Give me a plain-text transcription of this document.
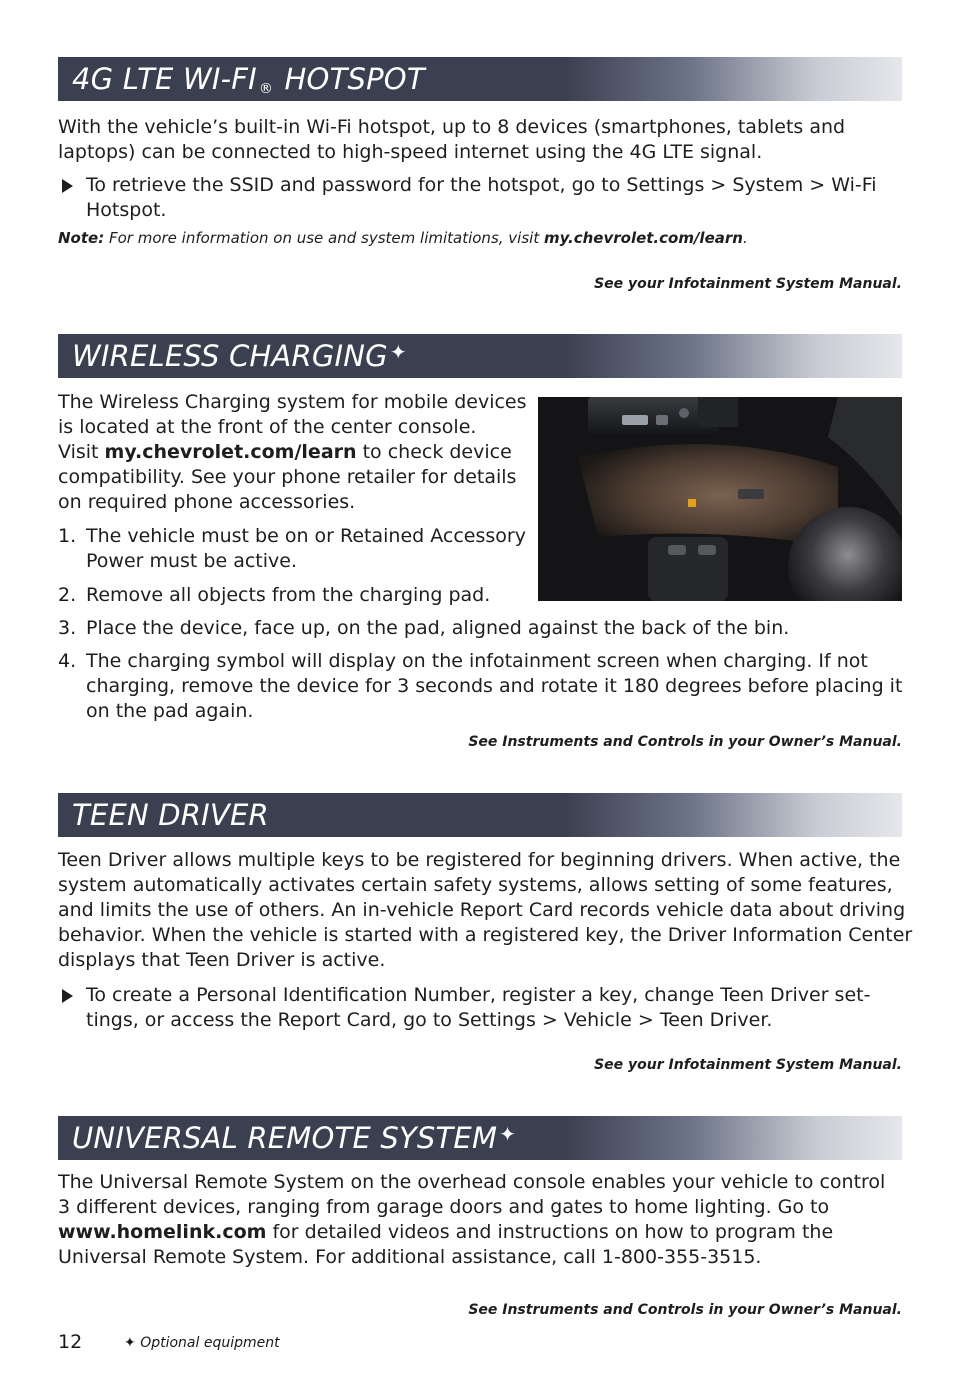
4G LTE WI-FI ® HOTSPOT
With the vehicle’s built-in Wi-Fi hotspot, up to 8 devices (smartphones, tablets and
laptops) can be connected to high-speed internet using the 4G LTE signal.
To retrieve the SSID and password for the hotspot, go to Settings > System > Wi-Fi
Hotspot.
Note: For more information on use and system limitations, visit my.chevrolet.com/learn.
See your Infotainment System Manual.
WIRELESS CHARGING ✦
The Wireless Charging system for mobile devices
is located at the front of the center console.
Visit my.chevrolet.com/learn to check device
compatibility. See your phone retailer for details
on required phone accessories.
1. The vehicle must be on or Retained Accessory
Power must be active.
2. Remove all objects from the charging pad.
3. Place the device, face up, on the pad, aligned against the back of the bin.
4. The charging symbol will display on the infotainment screen when charging. If not
charging, remove the device for 3 seconds and rotate it 180 degrees before placing it
on the pad again.
See Instruments and Controls in your Owner’s Manual.
TEEN DRIVER
Teen Driver allows multiple keys to be registered for beginning drivers. When active, the
system automatically activates certain safety systems, allows setting of some features,
and limits the use of others. An in-vehicle Report Card records vehicle data about driving
behavior. When the vehicle is started with a registered key, the Driver Information Center
displays that Teen Driver is active.
To create a Personal Identification Number, register a key, change Teen Driver set-
tings, or access the Report Card, go to Settings > Vehicle > Teen Driver.
See your Infotainment System Manual.
UNIVERSAL REMOTE SYSTEM ✦
The Universal Remote System on the overhead console enables your vehicle to control
3 different devices, ranging from garage doors and gates to home lighting. Go to
www.homelink.com for detailed videos and instructions on how to program the
Universal Remote System. For additional assistance, call 1-800-355-3515.
See Instruments and Controls in your Owner’s Manual.
12	✦ Optional equipment
